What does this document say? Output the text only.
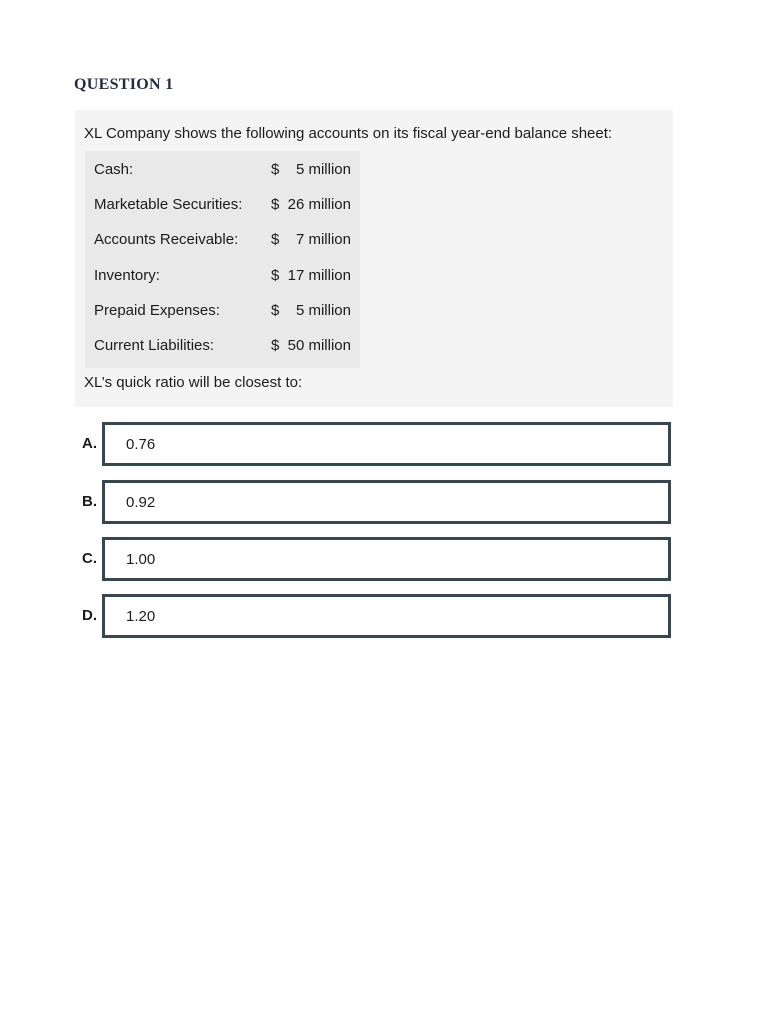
QUESTION 1
XL Company shows the following accounts on its fiscal year-end balance sheet:
Cash:	$ 5 million
Marketable Securities: $ 26 million
Accounts Receivable: $ 7 million
Inventory:	$ 17 million
Prepaid Expenses:	$ 5 million
Current Liabilities:	$ 50 million
XL’s quick ratio will be closest to:
A. 0.76
B. 0.92
C. 1.00
D. 1.20
